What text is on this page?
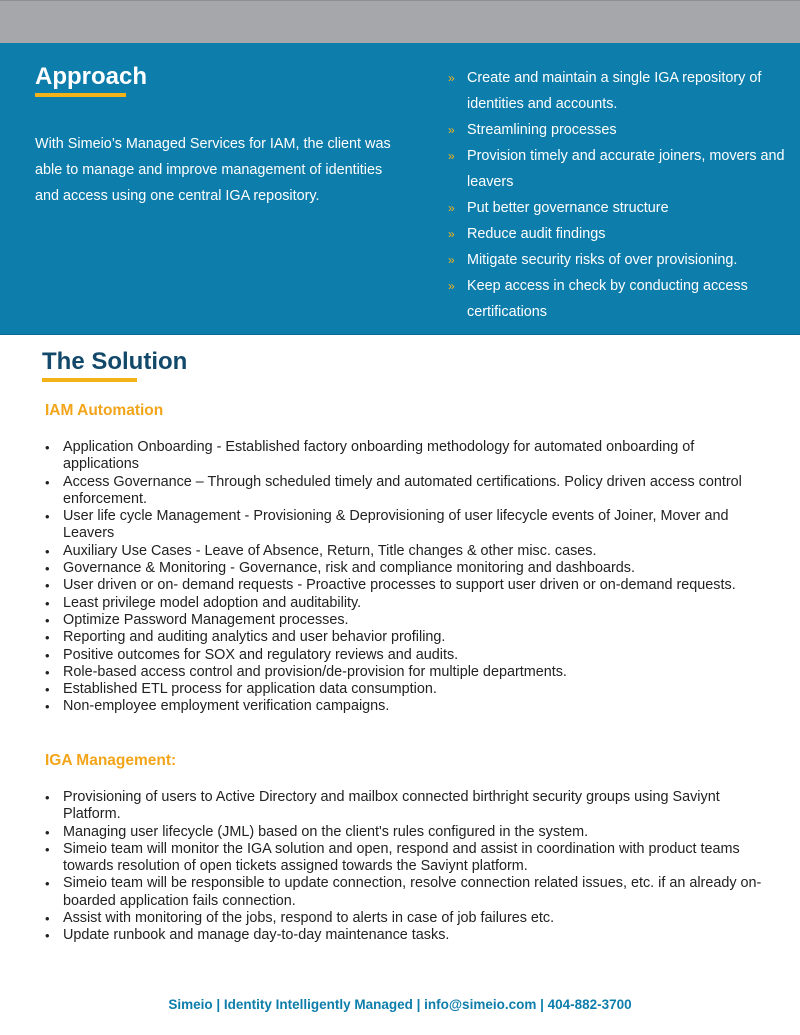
Approach

With Simeio’s Managed Services for IAM, the client was able to manage and improve management of identities and access using one central IGA repository.

» Create and maintain a single IGA repository of identities and accounts.
» Streamlining processes
» Provision timely and accurate joiners, movers and leavers
» Put better governance structure
» Reduce audit findings
» Mitigate security risks of over provisioning.
» Keep access in check by conducting access certifications
The Solution
IAM Automation
• Application Onboarding - Established factory onboarding methodology for automated onboarding of applications
• Access Governance – Through scheduled timely and automated certifications. Policy driven access control enforcement.
• User life cycle Management - Provisioning & Deprovisioning of user lifecycle events of Joiner, Mover and Leavers
• Auxiliary Use Cases - Leave of Absence, Return, Title changes & other misc. cases.
• Governance & Monitoring - Governance, risk and compliance monitoring and dashboards.
• User driven or on- demand requests - Proactive processes to support user driven or on-demand requests.
• Least privilege model adoption and auditability.
• Optimize Password Management processes.
• Reporting and auditing analytics and user behavior profiling.
• Positive outcomes for SOX and regulatory reviews and audits.
• Role-based access control and provision/de-provision for multiple departments.
• Established ETL process for application data consumption.
• Non-employee employment verification campaigns.
IGA Management:
• Provisioning of users to Active Directory and mailbox connected birthright security groups using Saviynt Platform.
• Managing user lifecycle (JML) based on the client's rules configured in the system.
• Simeio team will monitor the IGA solution and open, respond and assist in coordination with product teams towards resolution of open tickets assigned towards the Saviynt platform.
• Simeio team will be responsible to update connection, resolve connection related issues, etc. if an already on-boarded application fails connection.
• Assist with monitoring of the jobs, respond to alerts in case of job failures etc.
• Update runbook and manage day-to-day maintenance tasks.
Simeio | Identity Intelligently Managed | info@simeio.com | 404-882-3700
